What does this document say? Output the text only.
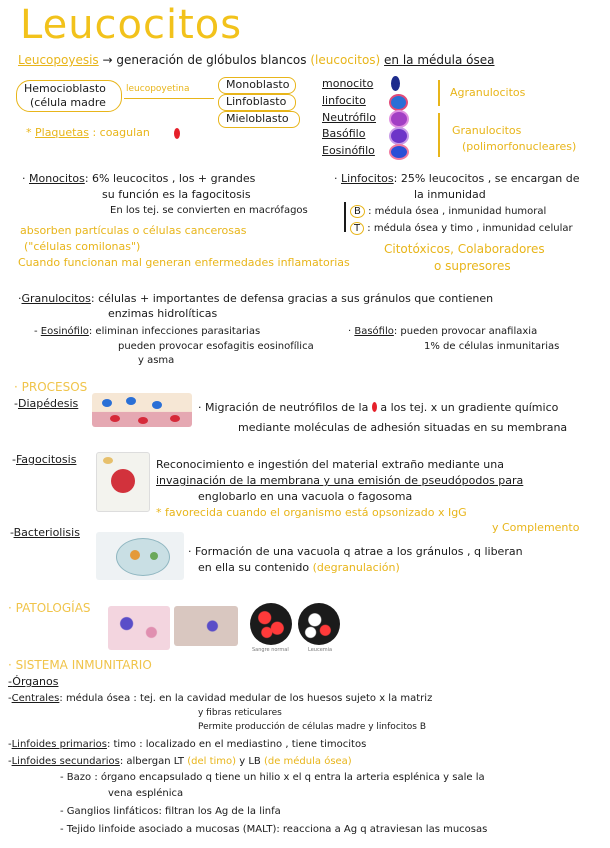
Leucocitos
Leucopoyesis → generación de glóbulos blancos (leucocitos) en la médula ósea
Hemocioblasto
(célula madre
leucopoyetina	Monoblasto
Linfoblasto
Mieloblasto
monocito
linfocito
Neutrófilo
Basófilo
Eosinófilo
Agranulocitos
Granulocitos
(polimorfonucleares)
* Plaquetas : coagulan
· Monocitos: 6% leucocitos , los + grandes
su función es la fagocitosis
En los tej. se convierten en macrófagos
absorben partículas o células cancerosas
("células comilonas")
Cuando funcionan mal generan enfermedades inflamatorias
· Linfocitos: 25% leucocitos , se encargan de
la inmunidad
B : médula ósea , inmunidad humoral
T : médula ósea y timo , inmunidad celular
Citotóxicos, Colaboradores
o supresores
·Granulocitos: células + importantes de defensa gracias a sus gránulos que contienen
enzimas hidrolíticas
- Eosinófilo: eliminan infecciones parasitarias
pueden provocar esofagitis eosinofílica
y asma
· Basófilo: pueden provocar anafilaxia
1% de células inmunitarias
· PROCESOS
-Diapédesis	· Migración de neutrófilos de la a los tej. x un gradiente químico
mediante moléculas de adhesión situadas en su membrana
-Fagocitosis	Reconocimiento e ingestión del material extraño mediante una
invaginación de la membrana y una emisión de pseudópodos para
englobarlo en una vacuola o fagosoma
* favorecida cuando el organismo está opsonizado x IgG
y Complemento
-Bacteriolisis
· Formación de una vacuola q atrae a los gránulos , q liberan
en ella su contenido (degranulación)
· PATOLOGÍAS
Sangre normal	Leucemia
· SISTEMA INMUNITARIO
-Órganos
-Centrales: médula ósea : tej. en la cavidad medular de los huesos sujeto x la matriz
y fibras reticulares
Permite producción de células madre y linfocitos B
-Linfoides primarios: timo : localizado en el mediastino , tiene timocitos
-Linfoides secundarios: albergan LT (del timo) y LB (de médula ósea)
- Bazo : órgano encapsulado q tiene un hilio x el q entra la arteria esplénica y sale la
vena esplénica
- Ganglios linfáticos: filtran los Ag de la linfa
- Tejido linfoide asociado a mucosas (MALT): reacciona a Ag q atraviesan las mucosas
